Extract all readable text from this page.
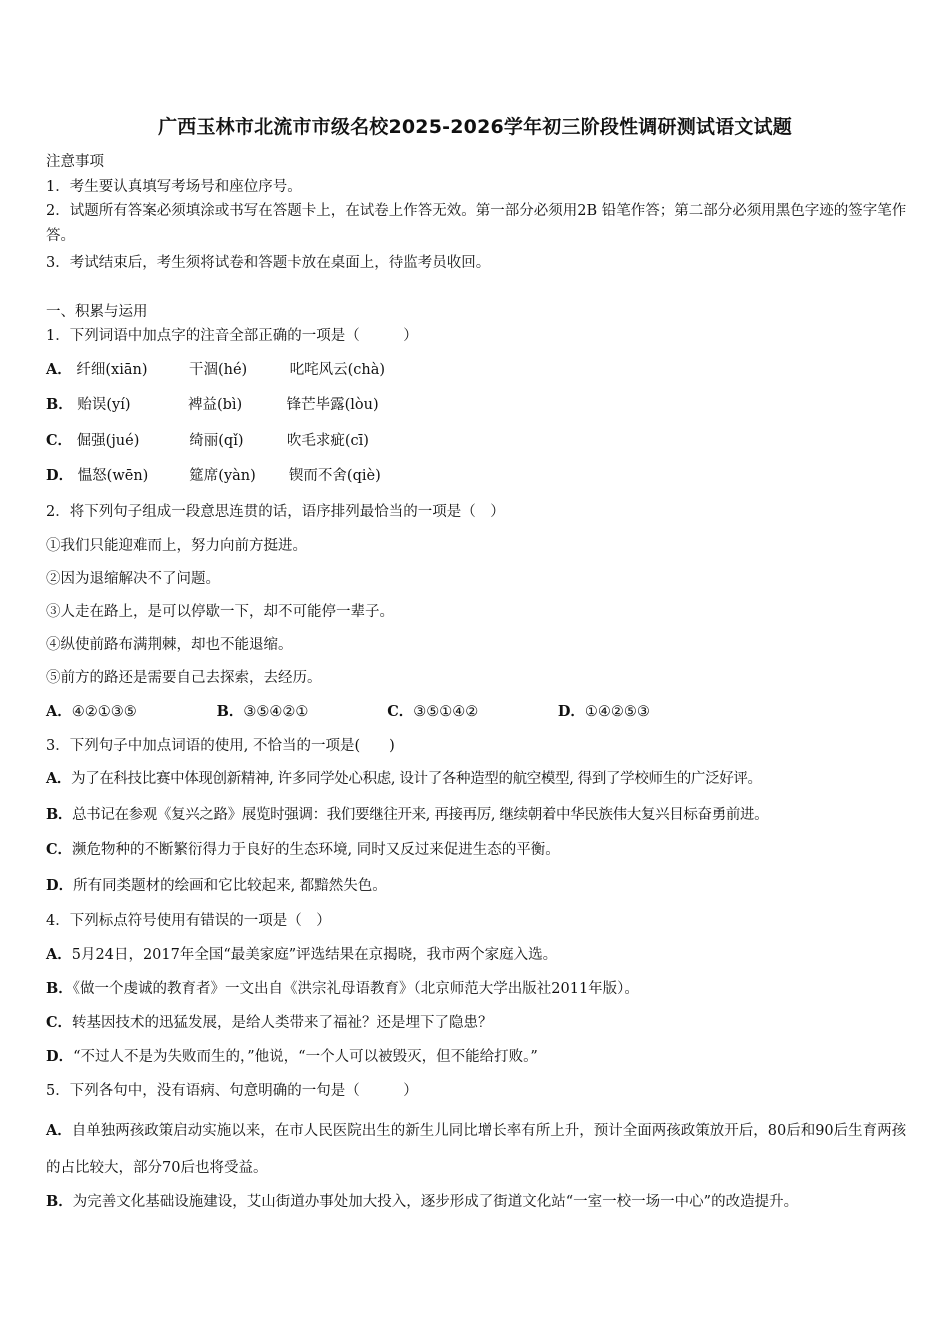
广西玉林市北流市市级名校2025-2026学年初三阶段性调研测试语文试题
注意事项
1．考生要认真填写考场号和座位序号。
2．试题所有答案必须填涂或书写在答题卡上，在试卷上作答无效。第一部分必须用2B 铅笔作答；第二部分必须用黑色字迹的签字笔作答。
3．考试结束后，考生须将试卷和答题卡放在桌面上，待监考员收回。
一、积累与运用
1．下列词语中加点字的注音全部正确的一项是（　　　）
A． 纤细(xiān)	干涸(hé)	叱咤风云(chà)
B． 贻误(yí)	裨益(bì)	锋芒毕露(lòu)
C． 倔强(jué)	绮丽(qǐ)	吹毛求疵(cī)
D． 愠怒(wēn)	筵席(yàn) 锲而不舍(qiè)
2．将下列句子组成一段意思连贯的话，语序排列最恰当的一项是（　）
①我们只能迎难而上，努力向前方挺进。
②因为退缩解决不了问题。
③人走在路上，是可以停歇一下，却不可能停一辈子。
④纵使前路布满荆棘，却也不能退缩。
⑤前方的路还是需要自己去探索，去经历。
A．④②①③⑤	B．③⑤④②①	C．③⑤①④②	D．①④②⑤③
3．下列句子中加点词语的使用, 不恰当的一项是(　　)
A．为了在科技比赛中体现创新精神, 许多同学处心积虑, 设计了各种造型的航空模型, 得到了学校师生的广泛好评。
B．总书记在参观《复兴之路》展览时强调：我们要继往开来, 再接再厉, 继续朝着中华民族伟大复兴目标奋勇前进。
C．濒危物种的不断繁衍得力于良好的生态环境, 同时又反过来促进生态的平衡。
D．所有同类题材的绘画和它比较起来, 都黯然失色。
4．下列标点符号使用有错误的一项是（　）
A．5月24日，2017年全国“最美家庭”评选结果在京揭晓，我市两个家庭入选。
B．《做一个虔诚的教育者》一文出自《洪宗礼母语教育》（北京师范大学出版社2011年版）。
C．转基因技术的迅猛发展，是给人类带来了福祉？还是埋下了隐患？
D．“不过人不是为失败而生的，”他说，“一个人可以被毁灭，但不能给打败。”
5．下列各句中，没有语病、句意明确的一句是（　　　）
A．自单独两孩政策启动实施以来，在市人民医院出生的新生儿同比增长率有所上升，预计全面两孩政策放开后，80后和90后生育两孩的占比较大，部分70后也将受益。
B．为完善文化基础设施建设，艾山街道办事处加大投入，逐步形成了街道文化站“一室一校一场一中心”的改造提升。
